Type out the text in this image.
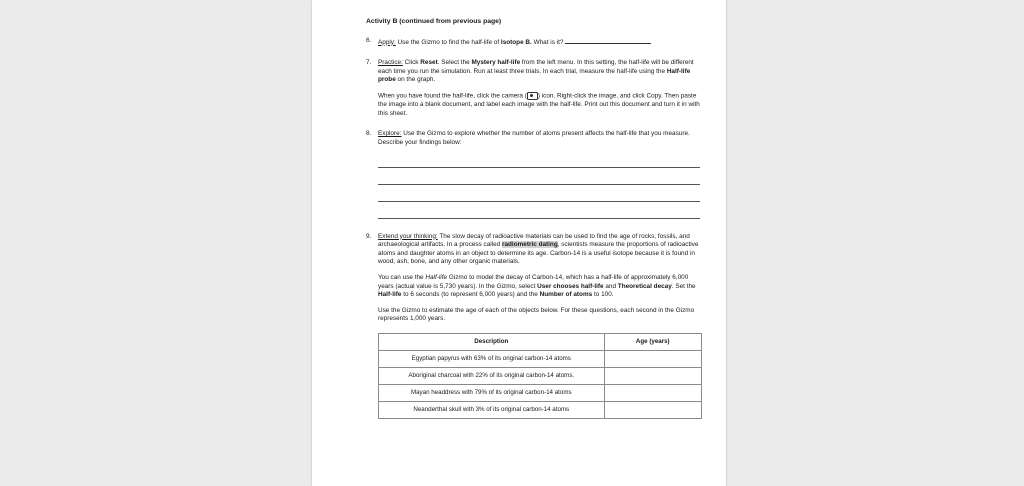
Activity B (continued from previous page)
6.	Apply: Use the Gizmo to find the half-life of Isotope B. What is it?
7.	Practice: Click Reset. Select the Mystery half-life from the left menu. In this setting, the half-life will be different each time you run the simulation. Run at least three trials. In each trial, measure the half-life using the Half-life probe on the graph.
When you have found the half-life, click the camera ( ) icon. Right-click the image, and click Copy. Then paste the image into a blank document, and label each image with the half-life. Print out this document and turn it in with this sheet.
8.	Explore: Use the Gizmo to explore whether the number of atoms present affects the half-life that you measure. Describe your findings below:
9.	Extend your thinking: The slow decay of radioactive materials can be used to find the age of rocks, fossils, and archaeological artifacts. In a process called radiometric dating, scientists measure the proportions of radioactive atoms and daughter atoms in an object to determine its age. Carbon-14 is a useful isotope because it is found in wood, ash, bone, and any other organic materials.
You can use the Half-life Gizmo to model the decay of Carbon-14, which has a half-life of approximately 6,000 years (actual value is 5,730 years). In the Gizmo, select User chooses half-life and Theoretical decay. Set the Half-life to 6 seconds (to represent 6,000 years) and the Number of atoms to 100.
Use the Gizmo to estimate the age of each of the objects below. For these questions, each second in the Gizmo represents 1,000 years.
Description	Age (years)
Egyptian papyrus with 63% of its original carbon-14 atoms	
Aboriginal charcoal with 22% of its original carbon-14 atoms.	
Mayan headdress with 79% of its original carbon-14 atoms	
Neanderthal skull with 3% of its original carbon-14 atoms	
